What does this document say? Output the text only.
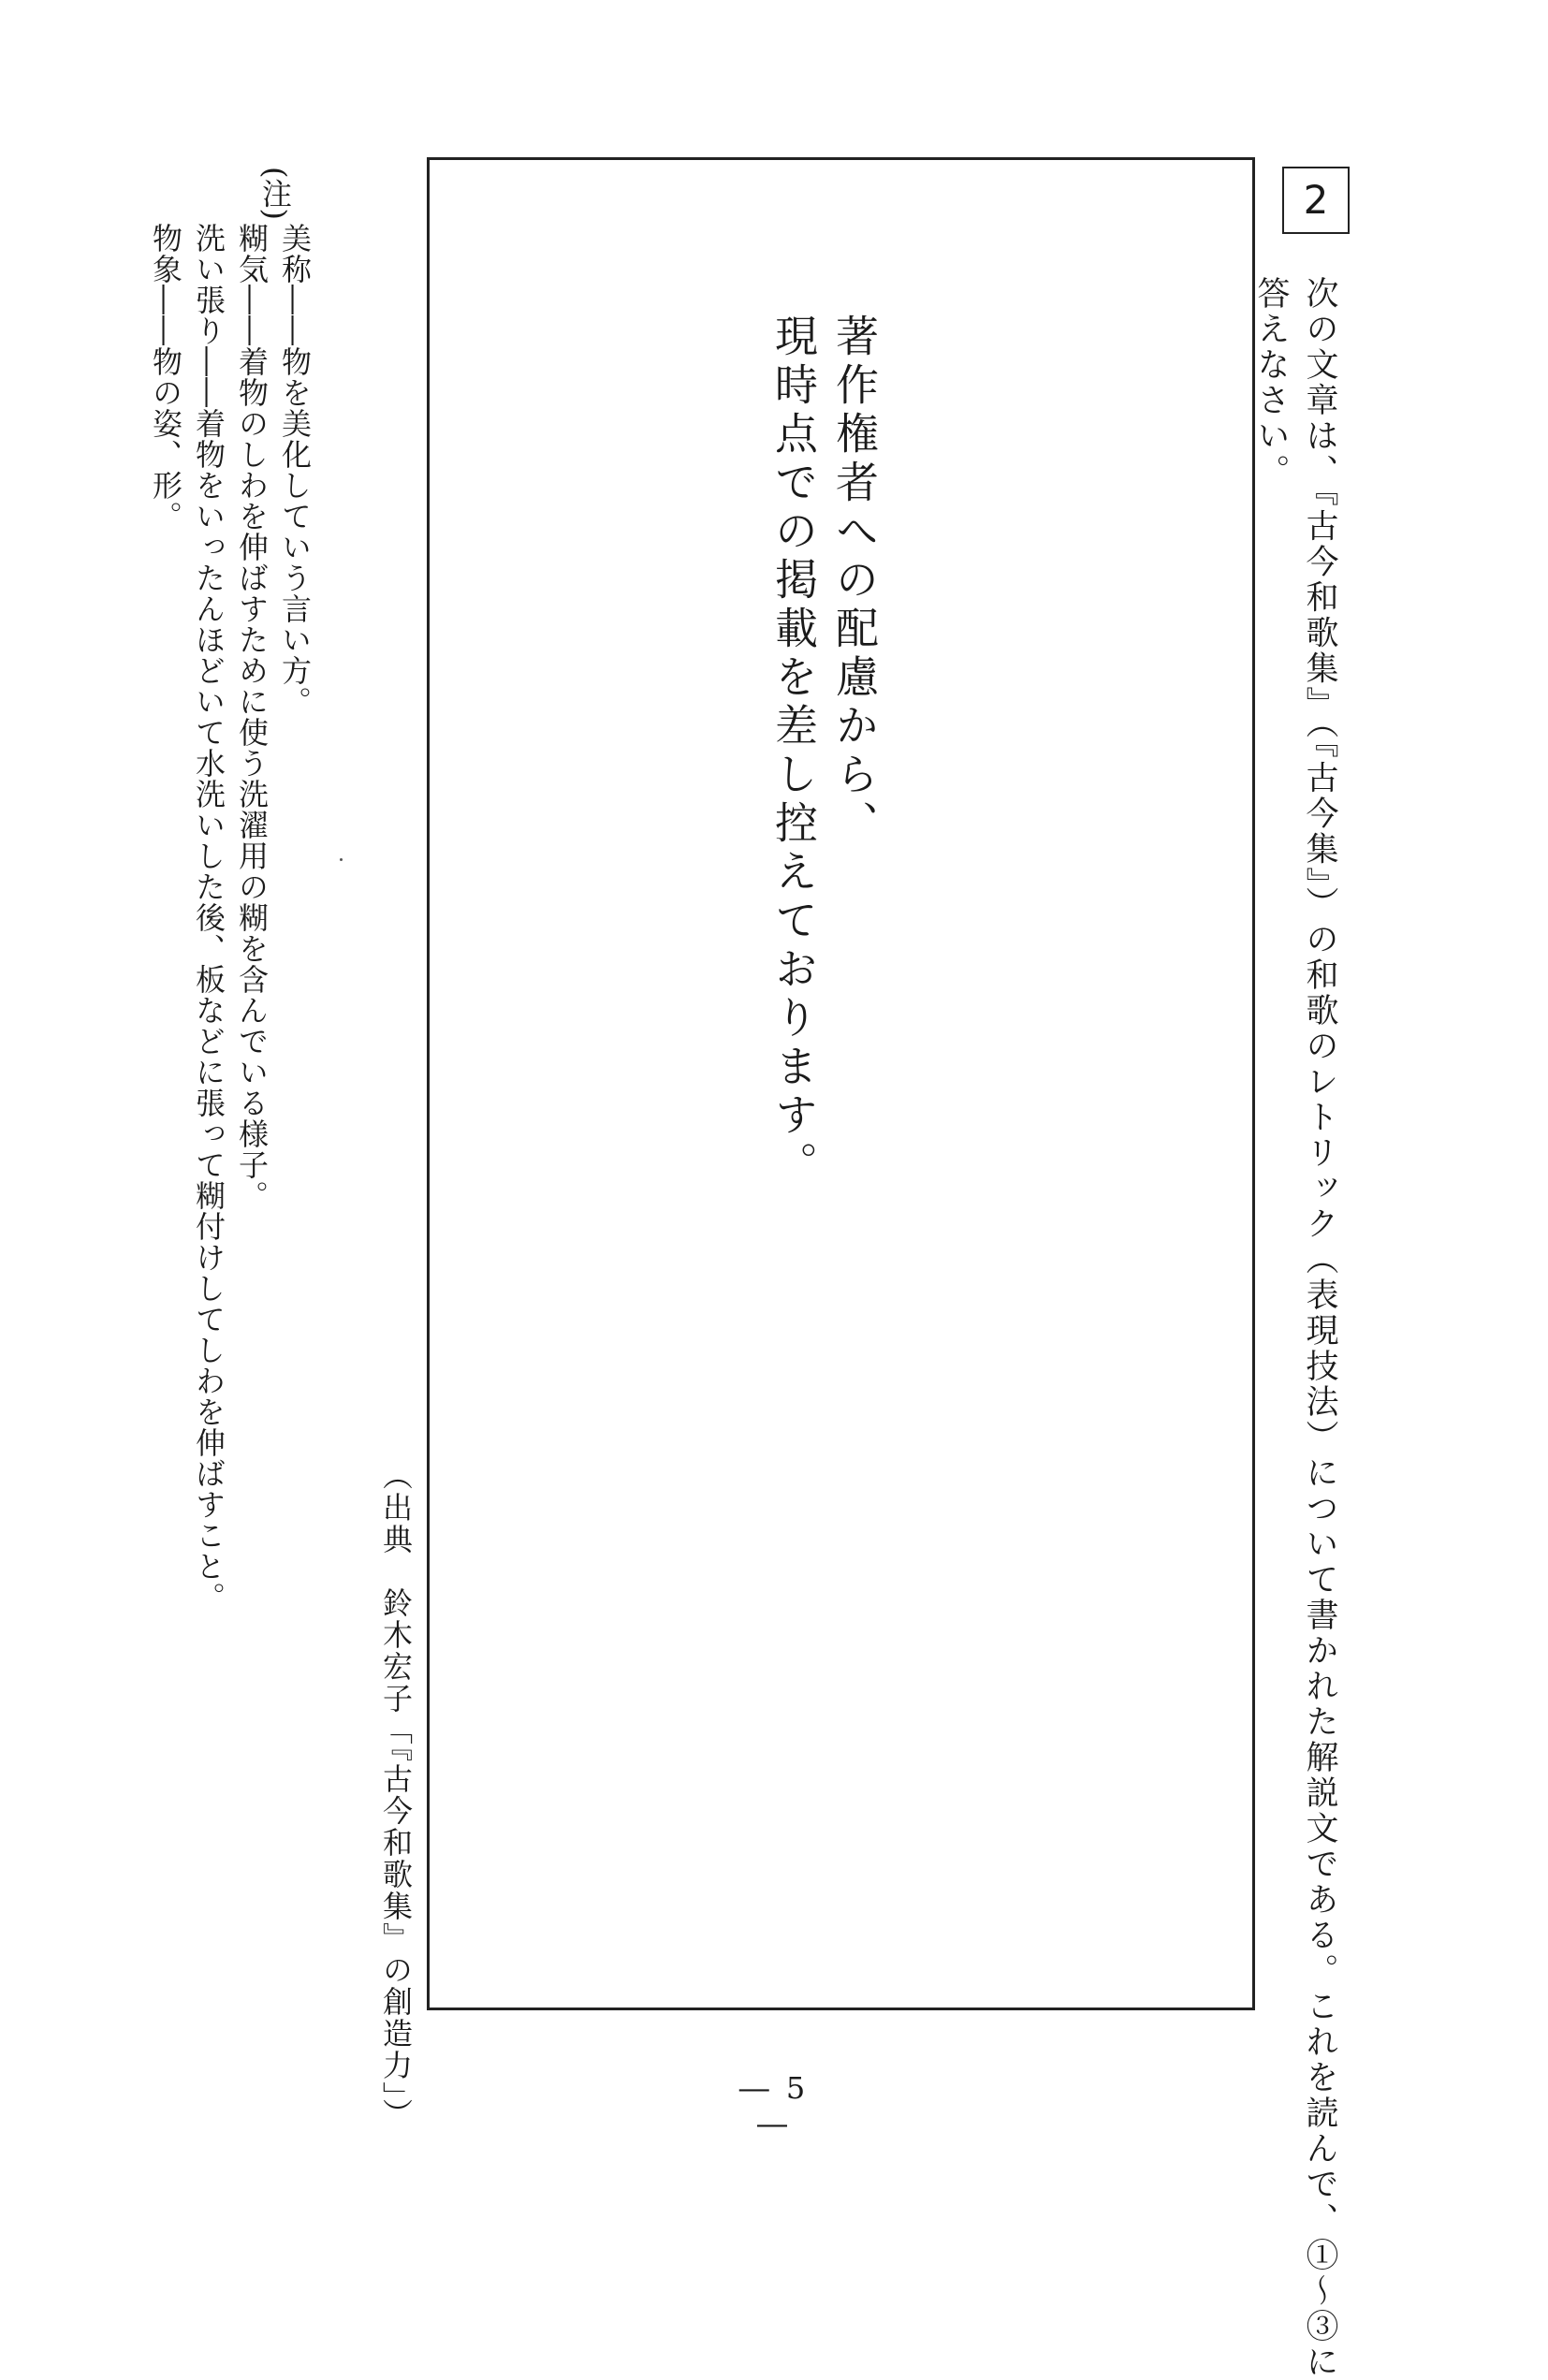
2
次の文章は、『古今和歌集』（『古今集』）の和歌のレトリック（表現技法）について書かれた解説文である。これを読んで、①〜③に
答えなさい。
著作権者への配慮から、
現時点での掲載を差し控えております。
（出典　鈴木宏子「『古今和歌集』の創造力」）
(注)
美称――物を美化していう言い方。
糊気――着物のしわを伸ばすために使う洗濯用の糊を含んでいる様子。
洗い張り――着物をいったんほどいて水洗いした後、板などに張って糊付けしてしわを伸ばすこと。
物象――物の姿、形。
― 5 ―
